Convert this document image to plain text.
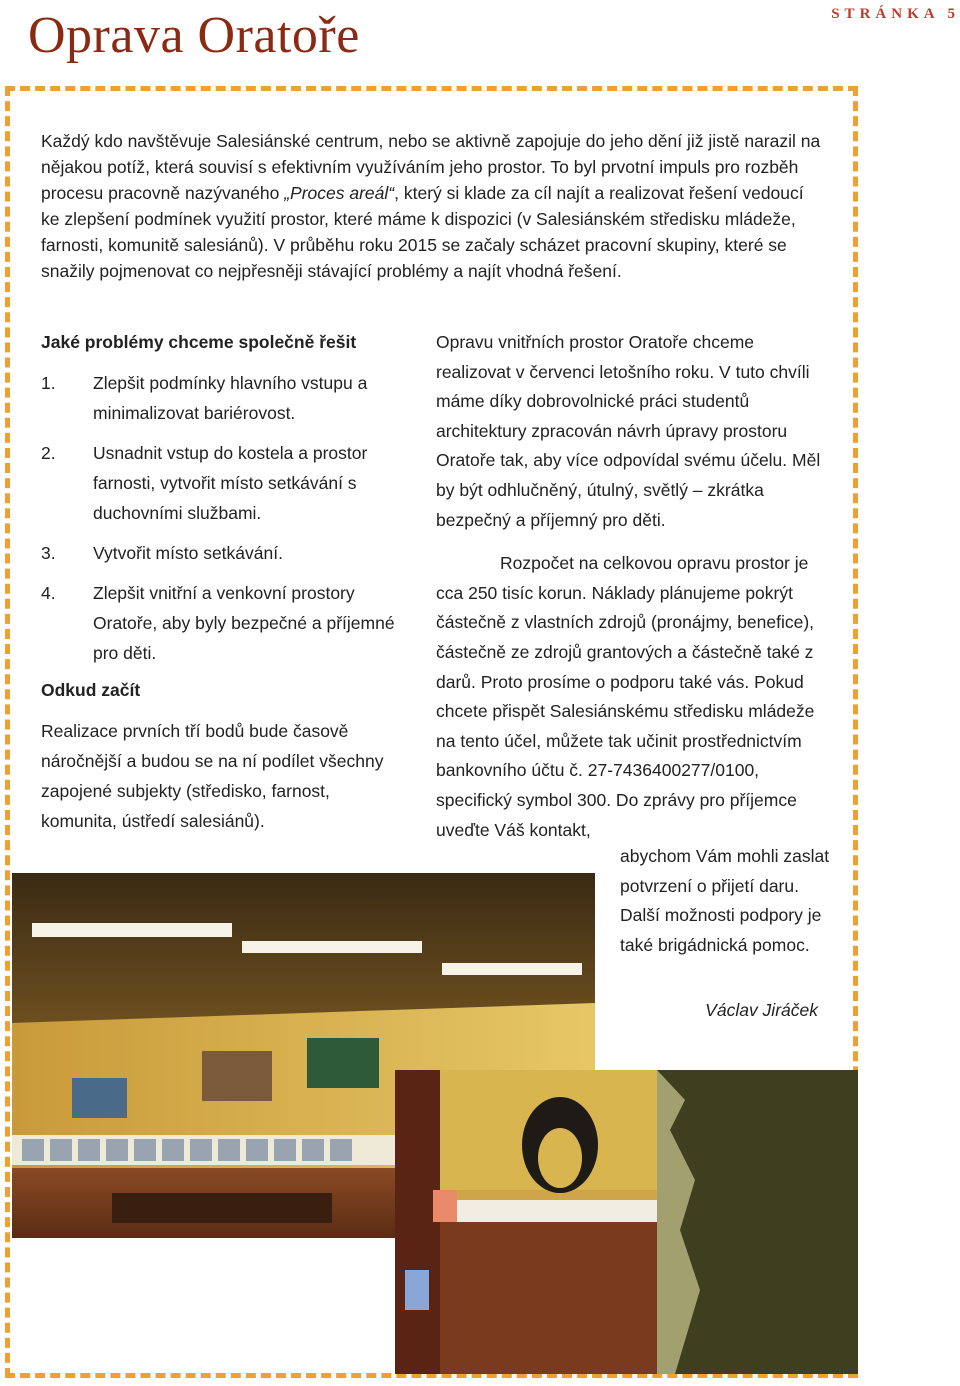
Oprava Oratoře	STRÁNKA 5

Každý kdo navštěvuje Salesiánské centrum, nebo se aktivně zapojuje do jeho dění již jistě narazil na nějakou potíž, která souvisí s efektivním využíváním jeho prostor. To byl prvotní impuls pro rozběh procesu pracovně nazývaného „Proces areál“, který si klade za cíl najít a realizovat řešení vedoucí ke zlepšení podmínek využití prostor, které máme k dispozici (v Salesiánském středisku mládeže, farnosti, komunitě salesiánů). V průběhu roku 2015 se začaly scházet pracovní skupiny, které se snažily pojmenovat co nejpřesněji stávající problémy a najít vhodná řešení.

Jaké problémy chceme společně řešit

1.	Zlepšit podmínky hlavního vstupu a minimalizovat bariérovost.
2.	Usnadnit vstup do kostela a prostor farnosti, vytvořit místo setkávání s duchovními službami.
3.	Vytvořit místo setkávání.
4.	Zlepšit vnitřní a venkovní prostory Oratoře, aby byly bezpečné a příjemné pro děti.

Odkud začít

Realizace prvních tří bodů bude časově náročnější a budou se na ní podílet všechny zapojené subjekty (středisko, farnost, komunita, ústředí salesiánů).

Opravu vnitřních prostor Oratoře chceme realizovat v červenci letošního roku. V tuto chvíli máme díky dobrovolnické práci studentů architektury zpracován návrh úpravy prostoru Oratoře tak, aby více odpovídal svému účelu. Měl by být odhlučněný, útulný, světlý – zkrátka bezpečný a příjemný pro děti.

Rozpočet na celkovou opravu prostor je cca 250 tisíc korun. Náklady plánujeme pokrýt částečně z vlastních zdrojů (pronájmy, benefice), částečně ze zdrojů grantových a částečně také z darů. Proto prosíme o podporu také vás. Pokud chcete přispět Salesiánskému středisku mládeže na tento účel, můžete tak učinit prostřednictvím bankovního účtu č. 27-7436400277/0100, specifický symbol 300. Do zprávy pro příjemce uveďte Váš kontakt,

abychom Vám mohli zaslat potvrzení o přijetí daru. Další možnosti podpory je také brigádnická pomoc.

Václav Jiráček
